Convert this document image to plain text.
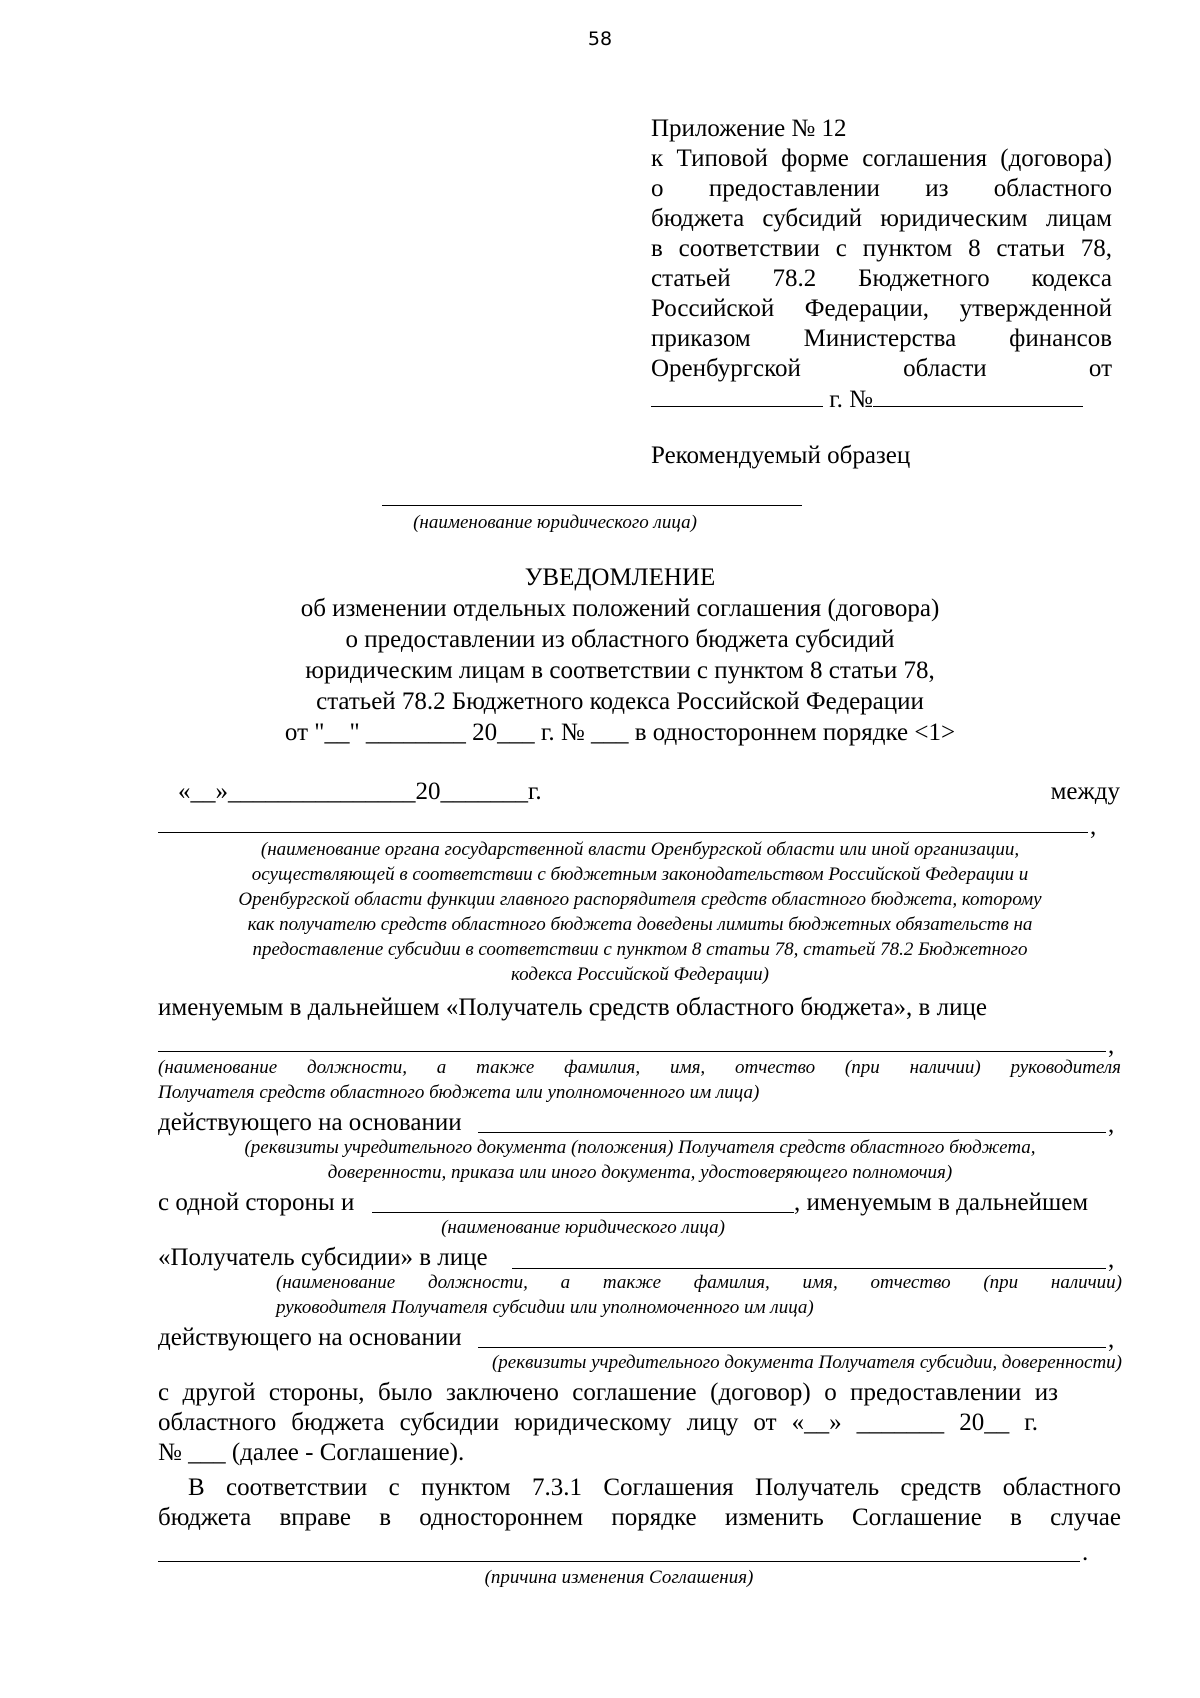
58
Приложение № 12
к Типовой форме соглашения (договора)
о предоставлении из областного
бюджета субсидий юридическим лицам
в соответствии с пунктом 8 статьи 78,
статьей 78.2 Бюджетного кодекса
Российской Федерации, утвержденной
приказом Министерства финансов
Оренбургской области от
г. №
Рекомендуемый образец
(наименование юридического лица)
УВЕДОМЛЕНИЕ
об изменении отдельных положений соглашения (договора)
о предоставлении из областного бюджета субсидий
юридическим лицам в соответствии с пунктом 8 статьи 78,
статьей 78.2 Бюджетного кодекса Российской Федерации
от "__" ________ 20___ г. № ___ в одностороннем порядке <1>
«__»_______________20_______г.	между
,
(наименование органа государственной власти Оренбургской области или иной организации,
осуществляющей в соответствии с бюджетным законодательством Российской Федерации и
Оренбургской области функции главного распорядителя средств областного бюджета, которому
как получателю средств областного бюджета доведены лимиты бюджетных обязательств на
предоставление субсидии в соответствии с пунктом 8 статьи 78, статьей 78.2 Бюджетного
кодекса Российской Федерации)
именуемым в дальнейшем «Получатель средств областного бюджета», в лице
,
(наименование должности, а также фамилия, имя, отчество (при наличии) руководителя
Получателя средств областного бюджета или уполномоченного им лица)
действующего на основании	,
(реквизиты учредительного документа (положения) Получателя средств областного бюджета,
доверенности, приказа или иного документа, удостоверяющего полномочия)
с одной стороны и	, именуемым в дальнейшем
(наименование юридического лица)
«Получатель субсидии» в лице	,
(наименование должности, а также фамилия, имя, отчество (при наличии)
руководителя Получателя субсидии или уполномоченного им лица)
действующего на основании	,
(реквизиты учредительного документа Получателя субсидии, доверенности)
с другой стороны, было заключено соглашение (договор) о предоставлении из
областного бюджета субсидии юридическому лицу от «__» _______ 20__ г.
№ ___ (далее - Соглашение).
В соответствии с пунктом 7.3.1 Соглашения Получатель средств областного
бюджета вправе в одностороннем порядке изменить Соглашение в случае
.
(причина изменения Соглашения)
